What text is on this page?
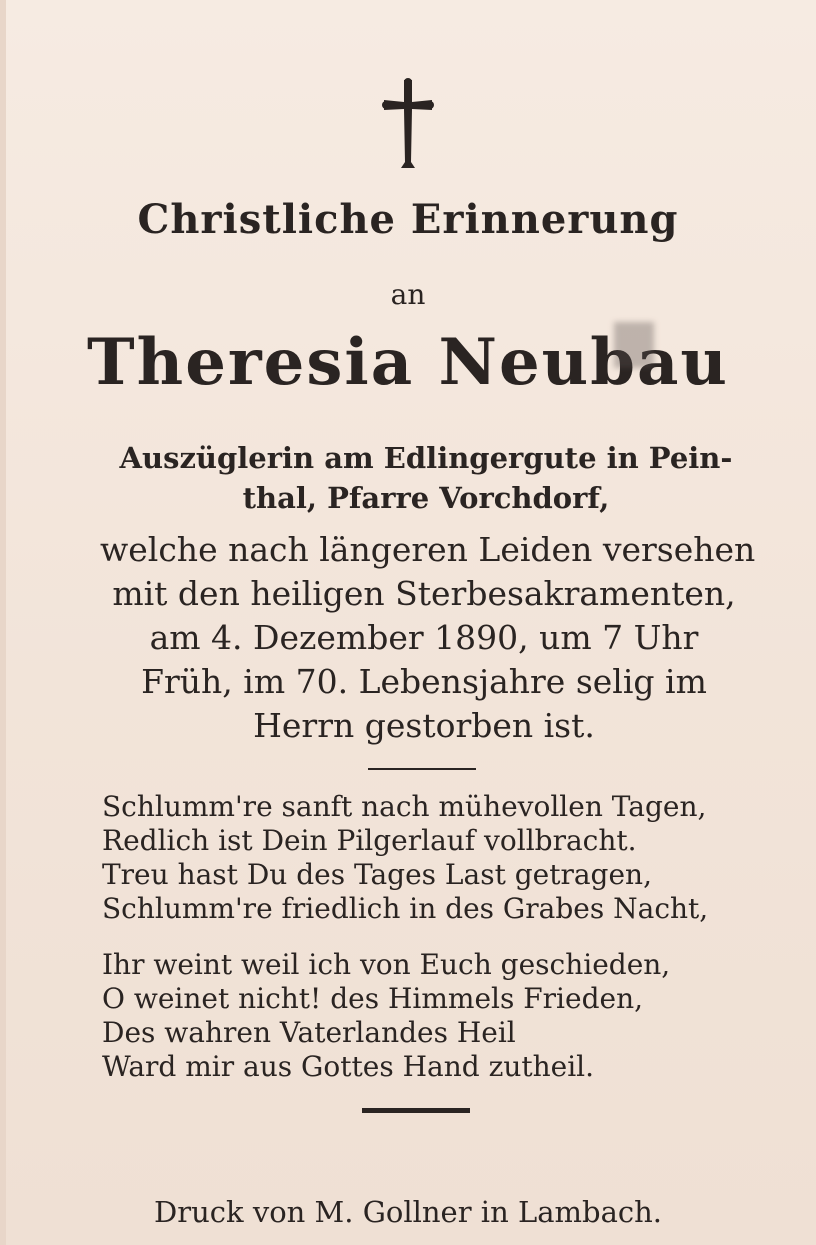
Christliche Erinnerung
an
Theresia Neubau
Auszüglerin am Edlingergute in Pein-
thal, Pfarre Vorchdorf,
welche nach längeren Leiden versehen
mit den heiligen Sterbesakramenten,
am 4. Dezember 1890, um 7 Uhr
Früh, im 70. Lebensjahre selig im
Herrn gestorben ist.
Schlumm're sanft nach mühevollen Tagen,
Redlich ist Dein Pilgerlauf vollbracht.
Treu hast Du des Tages Last getragen,
Schlumm're friedlich in des Grabes Nacht,
Ihr weint weil ich von Euch geschieden,
O weinet nicht! des Himmels Frieden,
Des wahren Vaterlandes Heil
Ward mir aus Gottes Hand zutheil.
Druck von M. Gollner in Lambach.
